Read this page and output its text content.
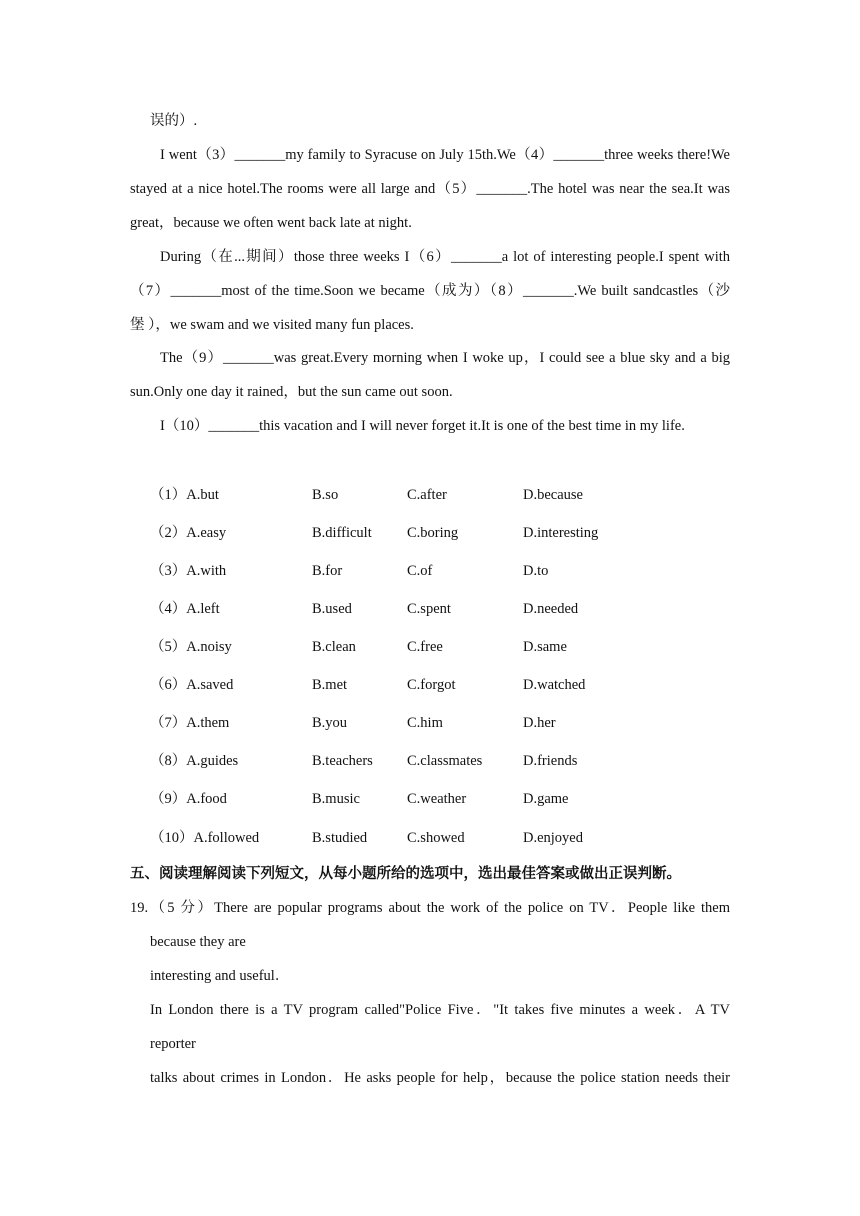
误的）.
I went（3）_______my family to Syracuse on July 15th.We（4）_______three weeks there!We
stayed at a nice hotel.The rooms were all large and（5）_______.The hotel was near the sea.It was
great，because we often went back late at night.
During（在...期间）those three weeks I（6）_______a lot of interesting people.I spent with
（7）_______most of the time.Soon we became（成为）（8）_______.We built sandcastles（沙
堡 ），we swam and we visited many fun places.
The（9）_______was great.Every morning when I woke up，I could see a blue sky and a big
sun.Only one day it rained，but the sun came out soon.
I（10）_______this vacation and I will never forget it.It is one of the best time in my life.
（1）A.but	B.so	C.after	D.because
（2）A.easy	B.difficult C.boring	D.interesting
（3）A.with	B.for	C.of	D.to
（4）A.left	B.used	C.spent	D.needed
（5）A.noisy	B.clean	C.free	D.same
（6）A.saved	B.met	C.forgot	D.watched
（7）A.them	B.you	C.him	D.her
（8）A.guides	B.teachers C.classmates	D.friends
（9）A.food	B.music	C.weather	D.game
（10）A.followed	B.studied	C.showed	D.enjoyed
五、阅读理解阅读下列短文，从每小题所给的选项中，选出最佳答案或做出正误判断。
19.（5 分）There are popular programs about the work of the police on TV．People like them
because they are
interesting and useful．
In London there is a TV program called"Police Five．"It takes five minutes a week．A TV
reporter
talks about crimes in London．He asks people for help，because the police station needs their
